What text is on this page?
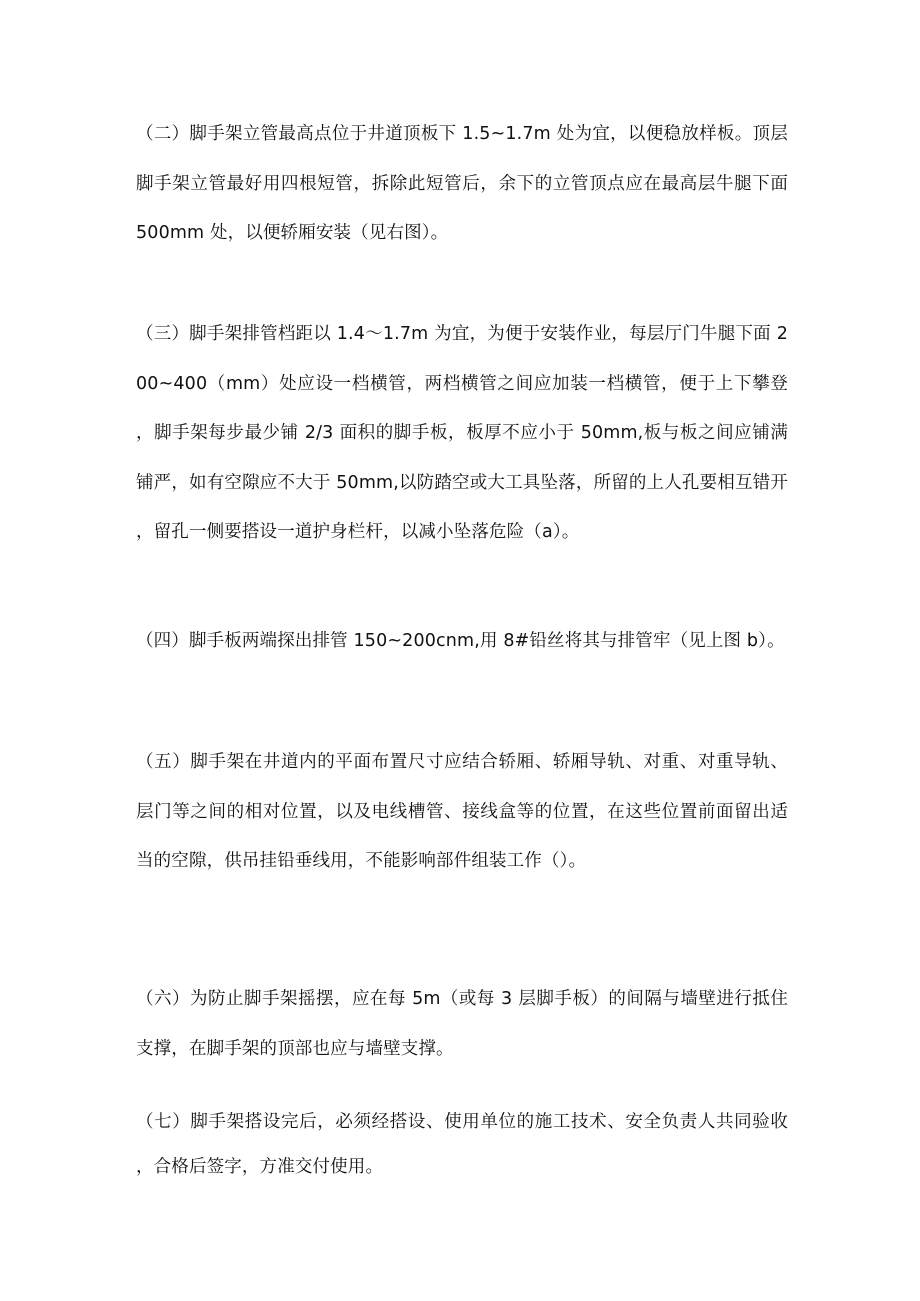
（二）脚手架立管最高点位于井道顶板下 1.5~1.7m 处为宜，以便稳放样板。顶层脚手架立管最好用四根短管，拆除此短管后，余下的立管顶点应在最高层牛腿下面 500mm 处，以便轿厢安装（见右图）。

（三）脚手架排管档距以 1.4～1.7m 为宜，为便于安装作业，每层厅门牛腿下面 200~400（mm）处应设一档横管，两档横管之间应加装一档横管，便于上下攀登，脚手架每步最少铺 2/3 面积的脚手板，板厚不应小于 50mm,板与板之间应铺满铺严，如有空隙应不大于 50mm,以防踏空或大工具坠落，所留的上人孔要相互错开，留孔一侧要搭设一道护身栏杆，以减小坠落危险（a）。

（四）脚手板两端探出排管 150~200cnm,用 8#铅丝将其与排管牢（见上图 b）。

（五）脚手架在井道内的平面布置尺寸应结合轿厢、轿厢导轨、对重、对重导轨、层门等之间的相对位置，以及电线槽管、接线盒等的位置，在这些位置前面留出适当的空隙，供吊挂铅垂线用，不能影响部件组装工作（）。

（六）为防止脚手架摇摆，应在每 5m（或每 3 层脚手板）的间隔与墙壁进行抵住支撑，在脚手架的顶部也应与墙壁支撑。

（七）脚手架搭设完后，必须经搭设、使用单位的施工技术、安全负责人共同验收，合格后签字，方准交付使用。
